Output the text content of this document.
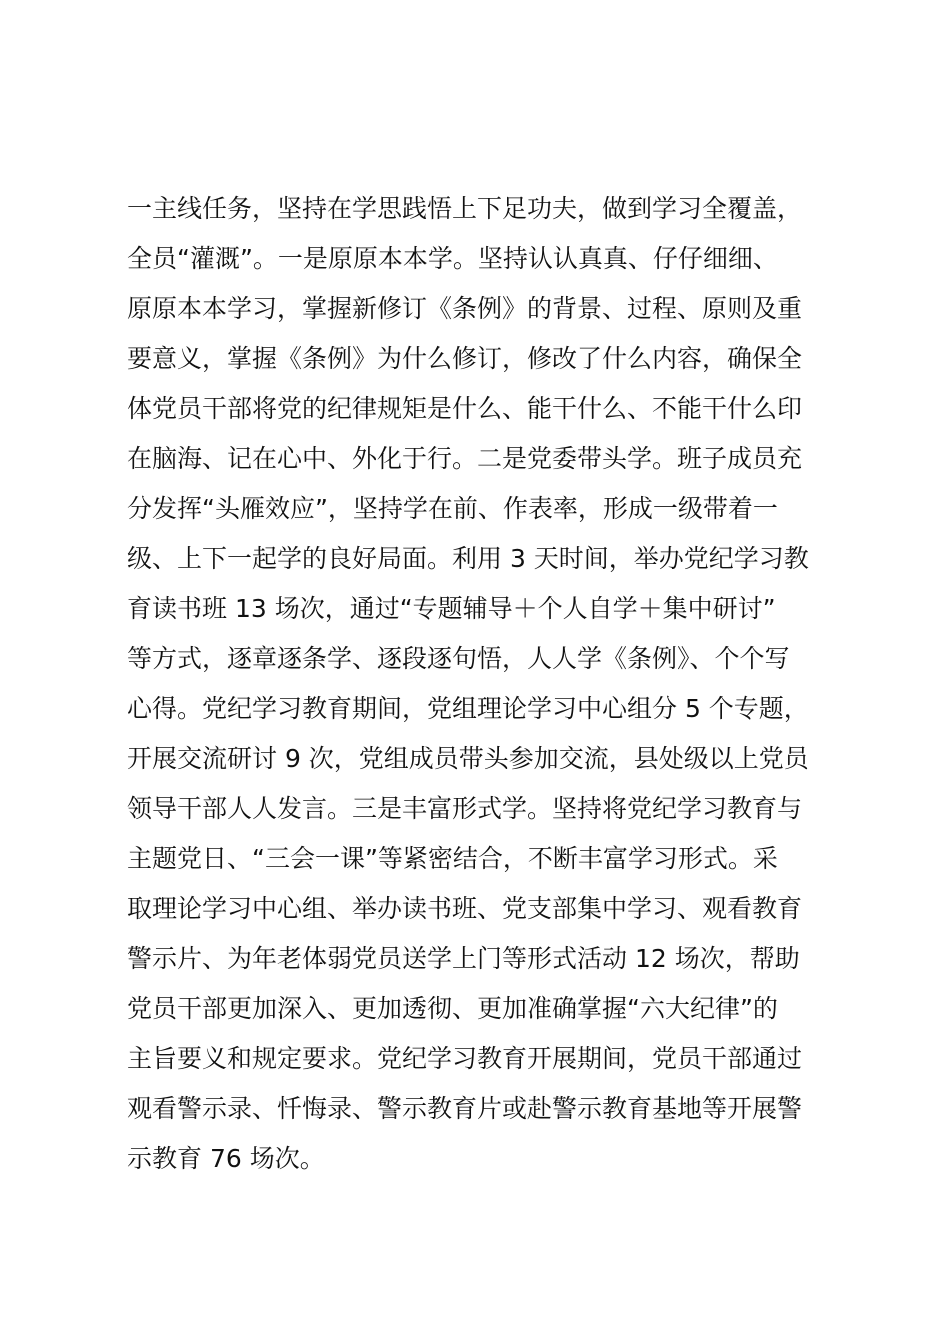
一主线任务，坚持在学思践悟上下足功夫，做到学习全覆盖，
全员“灌溉”。一是原原本本学。坚持认认真真、仔仔细细、
原原本本学习，掌握新修订《条例》的背景、过程、原则及重
要意义，掌握《条例》为什么修订，修改了什么内容，确保全
体党员干部将党的纪律规矩是什么、能干什么、不能干什么印
在脑海、记在心中、外化于行。二是党委带头学。班子成员充
分发挥“头雁效应”，坚持学在前、作表率，形成一级带着一
级、上下一起学的良好局面。利用 3 天时间，举办党纪学习教
育读书班 13 场次，通过“专题辅导＋个人自学＋集中研讨”
等方式，逐章逐条学、逐段逐句悟，人人学《条例》、个个写
心得。党纪学习教育期间，党组理论学习中心组分 5 个专题，
开展交流研讨 9 次，党组成员带头参加交流，县处级以上党员
领导干部人人发言。三是丰富形式学。坚持将党纪学习教育与
主题党日、“三会一课”等紧密结合，不断丰富学习形式。采
取理论学习中心组、举办读书班、党支部集中学习、观看教育
警示片、为年老体弱党员送学上门等形式活动 12 场次，帮助
党员干部更加深入、更加透彻、更加准确掌握“六大纪律”的
主旨要义和规定要求。党纪学习教育开展期间，党员干部通过
观看警示录、忏悔录、警示教育片或赴警示教育基地等开展警
示教育 76 场次。
